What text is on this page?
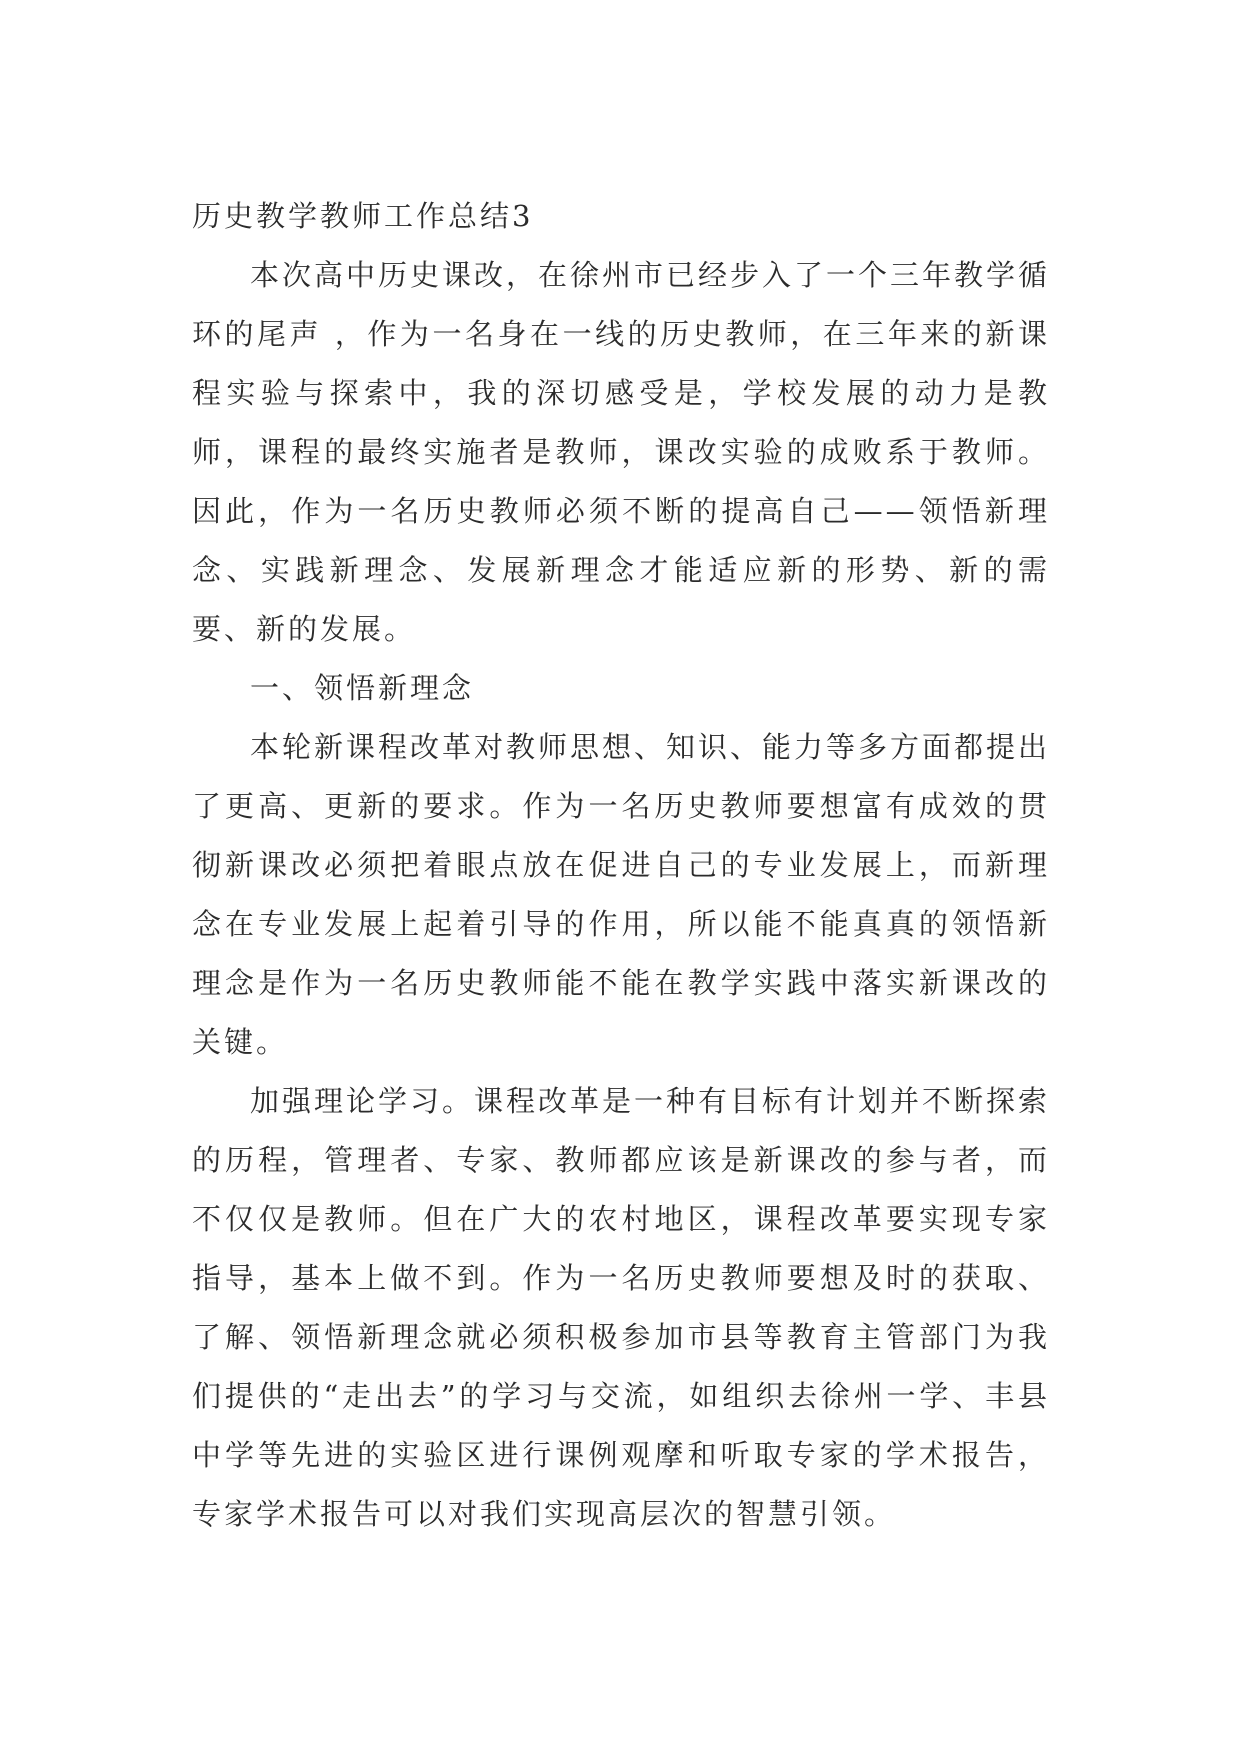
历史教学教师工作总结3

本次高中历史课改，在徐州市已经步入了一个三年教学循环的尾声 ，作为一名身在一线的历史教师，在三年来的新课程实验与探索中，我的深切感受是，学校发展的动力是教师，课程的最终实施者是教师，课改实验的成败系于教师。因此，作为一名历史教师必须不断的提高自己——领悟新理念、实践新理念、发展新理念才能适应新的形势、新的需要、新的发展。

一、领悟新理念

本轮新课程改革对教师思想、知识、能力等多方面都提出了更高、更新的要求。作为一名历史教师要想富有成效的贯彻新课改必须把着眼点放在促进自己的专业发展上，而新理念在专业发展上起着引导的作用，所以能不能真真的领悟新理念是作为一名历史教师能不能在教学实践中落实新课改的关键。

加强理论学习。课程改革是一种有目标有计划并不断探索的历程，管理者、专家、教师都应该是新课改的参与者，而不仅仅是教师。但在广大的农村地区，课程改革要实现专家指导，基本上做不到。作为一名历史教师要想及时的获取、了解、领悟新理念就必须积极参加市县等教育主管部门为我们提供的“走出去”的学习与交流，如组织去徐州一学、丰县中学等先进的实验区进行课例观摩和听取专家的学术报告，专家学术报告可以对我们实现高层次的智慧引领。
